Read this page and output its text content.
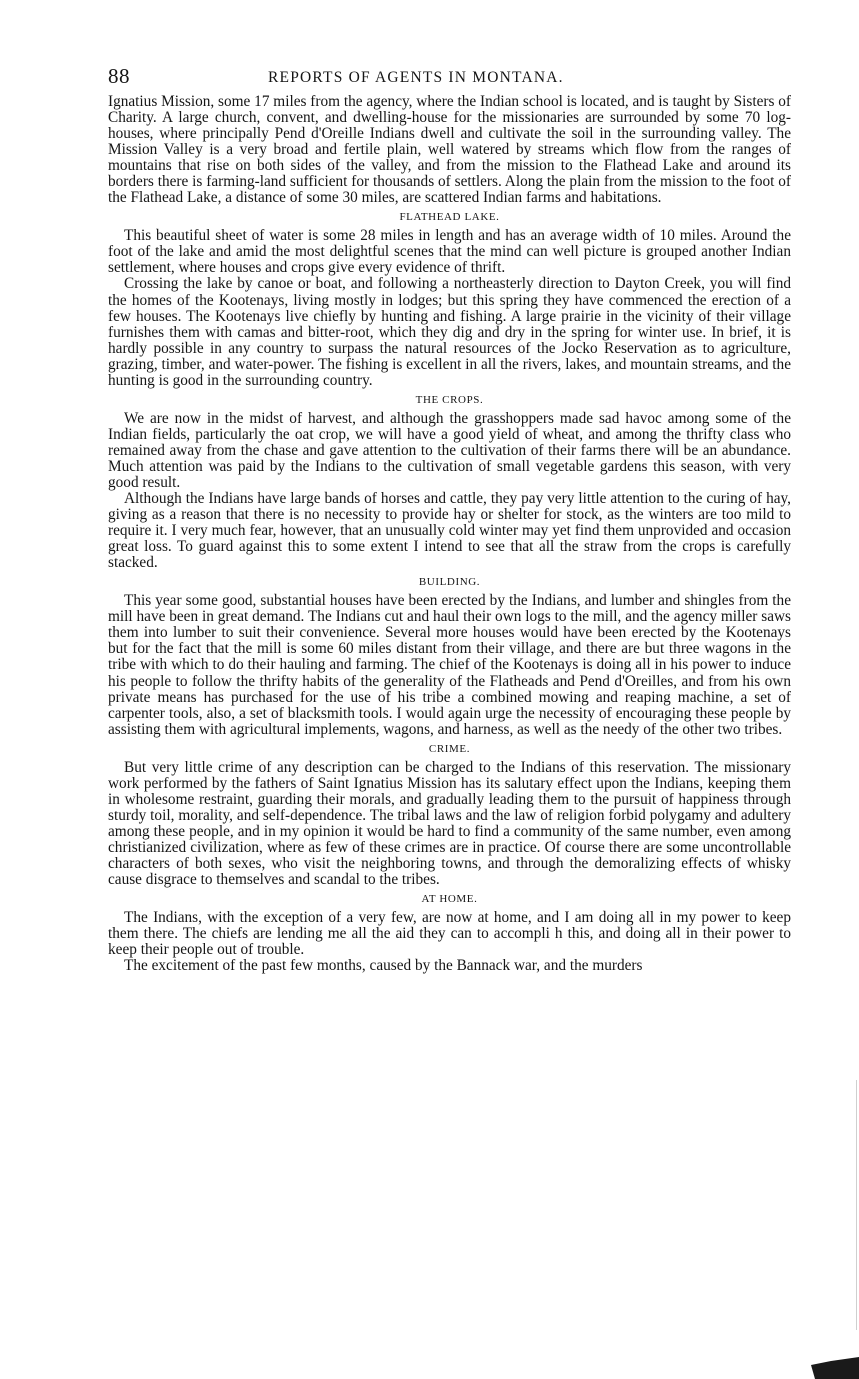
88	REPORTS OF AGENTS IN MONTANA.

Ignatius Mission, some 17 miles from the agency, where the Indian school is located, and is taught by Sisters of Charity. A large church, convent, and dwelling-house for the missionaries are surrounded by some 70 log-houses, where principally Pend d'Oreille Indians dwell and cultivate the soil in the surrounding valley. The Mission Valley is a very broad and fertile plain, well watered by streams which flow from the ranges of mountains that rise on both sides of the valley, and from the mission to the Flathead Lake and around its borders there is farming-land sufficient for thousands of settlers. Along the plain from the mission to the foot of the Flathead Lake, a distance of some 30 miles, are scattered Indian farms and habitations.

FLATHEAD LAKE.

This beautiful sheet of water is some 28 miles in length and has an average width of 10 miles. Around the foot of the lake and amid the most delightful scenes that the mind can well picture is grouped another Indian settlement, where houses and crops give every evidence of thrift.

Crossing the lake by canoe or boat, and following a northeasterly direction to Dayton Creek, you will find the homes of the Kootenays, living mostly in lodges; but this spring they have commenced the erection of a few houses. The Kootenays live chiefly by hunting and fishing. A large prairie in the vicinity of their village furnishes them with camas and bitter-root, which they dig and dry in the spring for winter use. In brief, it is hardly possible in any country to surpass the natural resources of the Jocko Reservation as to agriculture, grazing, timber, and water-power. The fishing is excellent in all the rivers, lakes, and mountain streams, and the hunting is good in the surrounding country.

THE CROPS.

We are now in the midst of harvest, and although the grasshoppers made sad havoc among some of the Indian fields, particularly the oat crop, we will have a good yield of wheat, and among the thrifty class who remained away from the chase and gave attention to the cultivation of their farms there will be an abundance. Much attention was paid by the Indians to the cultivation of small vegetable gardens this season, with very good result.

Although the Indians have large bands of horses and cattle, they pay very little attention to the curing of hay, giving as a reason that there is no necessity to provide hay or shelter for stock, as the winters are too mild to require it. I very much fear, however, that an unusually cold winter may yet find them unprovided and occasion great loss. To guard against this to some extent I intend to see that all the straw from the crops is carefully stacked.

BUILDING.

This year some good, substantial houses have been erected by the Indians, and lumber and shingles from the mill have been in great demand. The Indians cut and haul their own logs to the mill, and the agency miller saws them into lumber to suit their convenience. Several more houses would have been erected by the Kootenays but for the fact that the mill is some 60 miles distant from their village, and there are but three wagons in the tribe with which to do their hauling and farming. The chief of the Kootenays is doing all in his power to induce his people to follow the thrifty habits of the generality of the Flatheads and Pend d'Oreilles, and from his own private means has purchased for the use of his tribe a combined mowing and reaping machine, a set of carpenter tools, also, a set of blacksmith tools. I would again urge the necessity of encouraging these people by assisting them with agricultural implements, wagons, and harness, as well as the needy of the other two tribes.

CRIME.

But very little crime of any description can be charged to the Indians of this reservation. The missionary work performed by the fathers of Saint Ignatius Mission has its salutary effect upon the Indians, keeping them in wholesome restraint, guarding their morals, and gradually leading them to the pursuit of happiness through sturdy toil, morality, and self-dependence. The tribal laws and the law of religion forbid polygamy and adultery among these people, and in my opinion it would be hard to find a community of the same number, even among christianized civilization, where as few of these crimes are in practice. Of course there are some uncontrollable characters of both sexes, who visit the neighboring towns, and through the demoralizing effects of whisky cause disgrace to themselves and scandal to the tribes.

AT HOME.

The Indians, with the exception of a very few, are now at home, and I am doing all in my power to keep them there. The chiefs are lending me all the aid they can to accompli h this, and doing all in their power to keep their people out of trouble.

The excitement of the past few months, caused by the Bannack war, and the murders
